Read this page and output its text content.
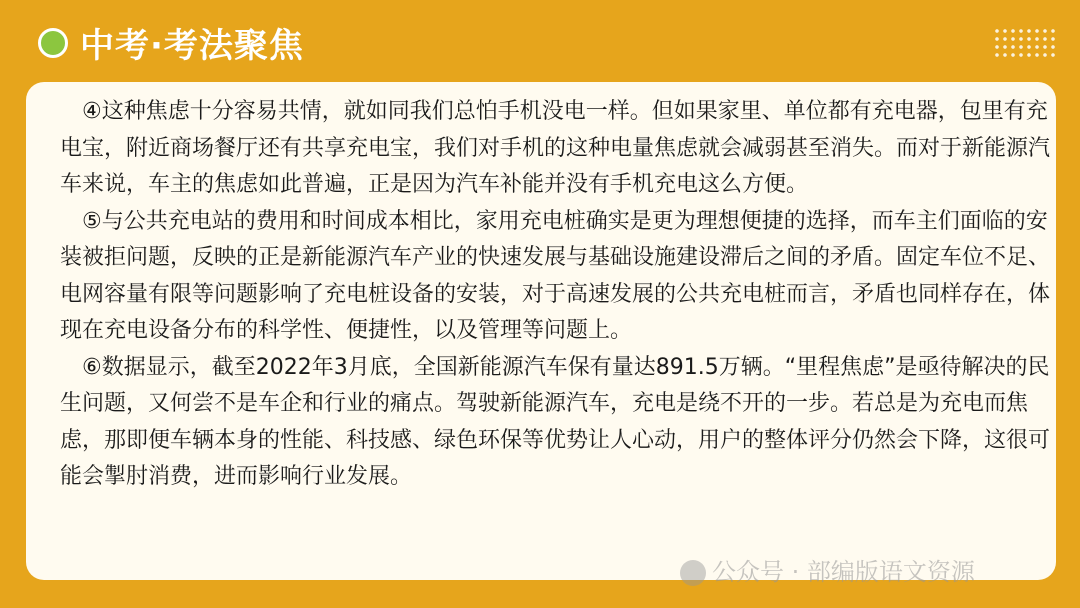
中考·考法聚焦

④这种焦虑十分容易共情，就如同我们总怕手机没电一样。但如果家里、单位都有充电器，包里有充电宝，附近商场餐厅还有共享充电宝，我们对手机的这种电量焦虑就会减弱甚至消失。而对于新能源汽车来说，车主的焦虑如此普遍，正是因为汽车补能并没有手机充电这么方便。

⑤与公共充电站的费用和时间成本相比，家用充电桩确实是更为理想便捷的选择，而车主们面临的安装被拒问题，反映的正是新能源汽车产业的快速发展与基础设施建设滞后之间的矛盾。固定车位不足、电网容量有限等问题影响了充电桩设备的安装，对于高速发展的公共充电桩而言，矛盾也同样存在，体现在充电设备分布的科学性、便捷性，以及管理等问题上。

⑥数据显示，截至2022年3月底，全国新能源汽车保有量达891.5万辆。“里程焦虑”是亟待解决的民生问题，又何尝不是车企和行业的痛点。驾驶新能源汽车，充电是绕不开的一步。若总是为充电而焦虑，那即便车辆本身的性能、科技感、绿色环保等优势让人心动，用户的整体评分仍然会下降，这很可能会掣肘消费，进而影响行业发展。

公众号 · 部编版语文资源
